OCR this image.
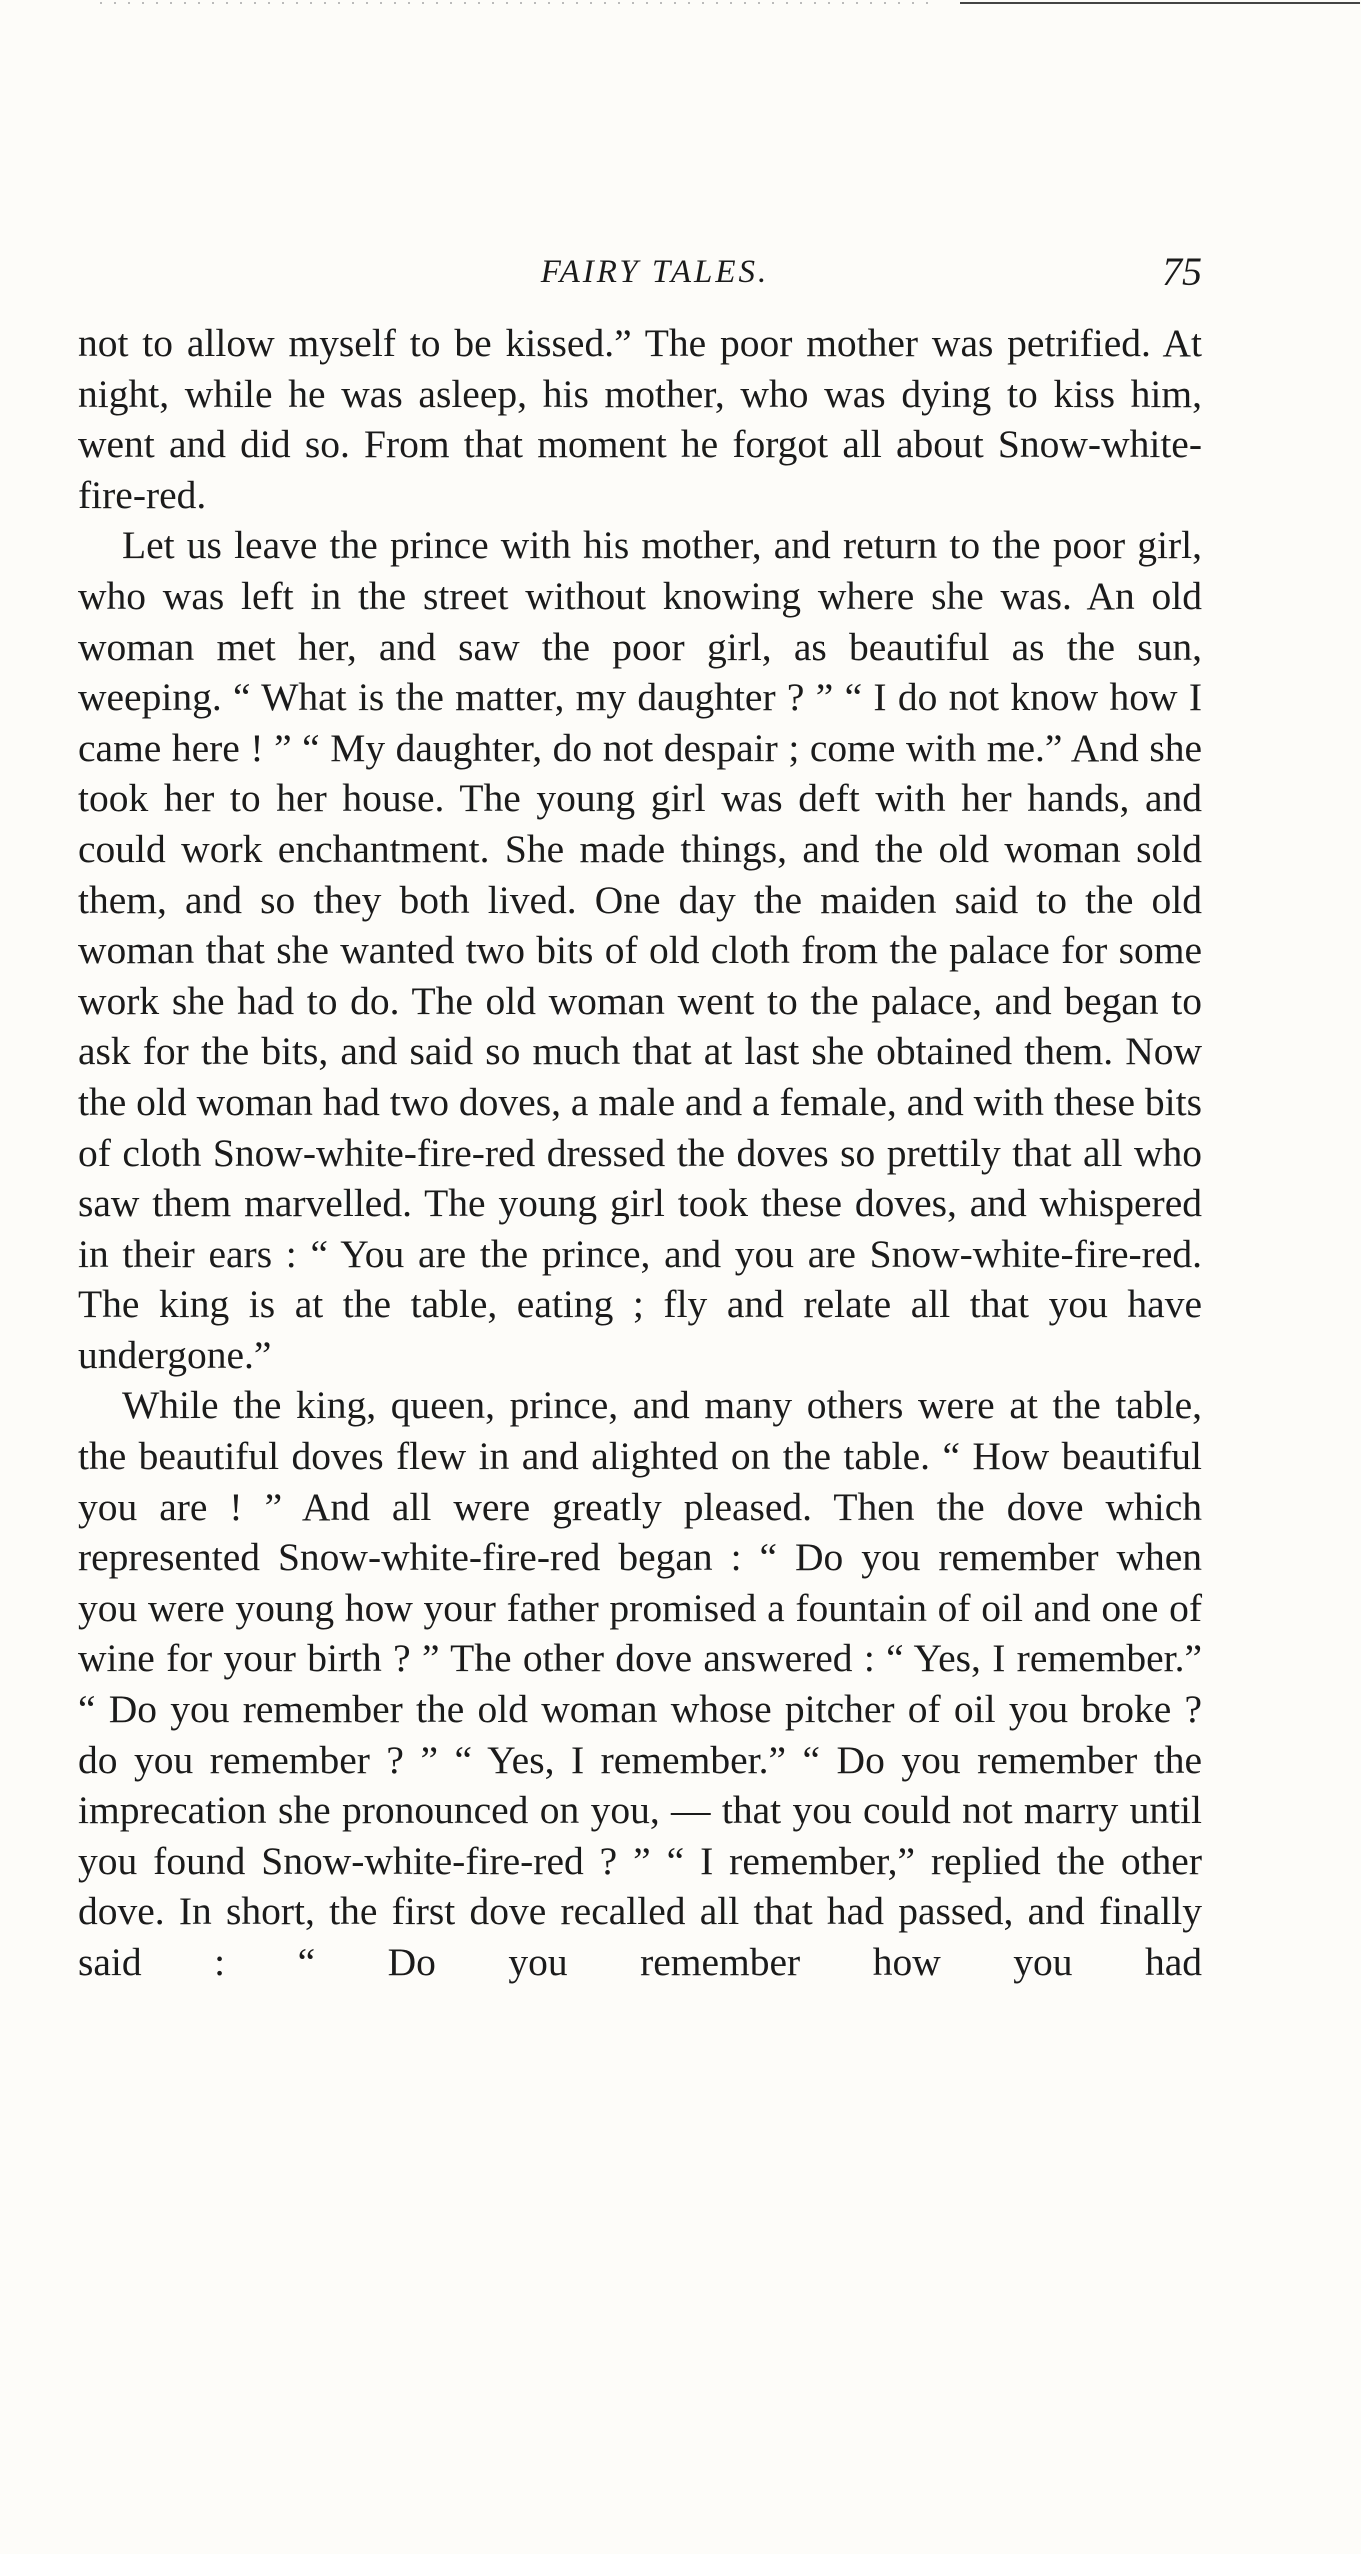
FAIRY TALES.	75

not to allow myself to be kissed.” The poor mother was petrified. At night, while he was asleep, his mother, who was dying to kiss him, went and did so. From that moment he forgot all about Snow-white-fire-red.

Let us leave the prince with his mother, and return to the poor girl, who was left in the street without knowing where she was. An old woman met her, and saw the poor girl, as beautiful as the sun, weeping. “ What is the matter, my daughter ? ” “ I do not know how I came here ! ” “ My daughter, do not despair ; come with me.” And she took her to her house. The young girl was deft with her hands, and could work enchantment. She made things, and the old woman sold them, and so they both lived. One day the maiden said to the old woman that she wanted two bits of old cloth from the palace for some work she had to do. The old woman went to the palace, and began to ask for the bits, and said so much that at last she obtained them. Now the old woman had two doves, a male and a female, and with these bits of cloth Snow-white-fire-red dressed the doves so prettily that all who saw them marvelled. The young girl took these doves, and whispered in their ears : “ You are the prince, and you are Snow-white-fire-red. The king is at the table, eating ; fly and relate all that you have undergone.”

While the king, queen, prince, and many others were at the table, the beautiful doves flew in and alighted on the table. “ How beautiful you are ! ” And all were greatly pleased. Then the dove which represented Snow-white-fire-red began : “ Do you remember when you were young how your father promised a fountain of oil and one of wine for your birth ? ” The other dove answered : “ Yes, I remember.” “ Do you remember the old woman whose pitcher of oil you broke ? do you remember ? ” “ Yes, I remember.” “ Do you remember the imprecation she pronounced on you, — that you could not marry until you found Snow-white-fire-red ? ” “ I remember,” replied the other dove. In short, the first dove recalled all that had passed, and finally said : “ Do you remember how you had
